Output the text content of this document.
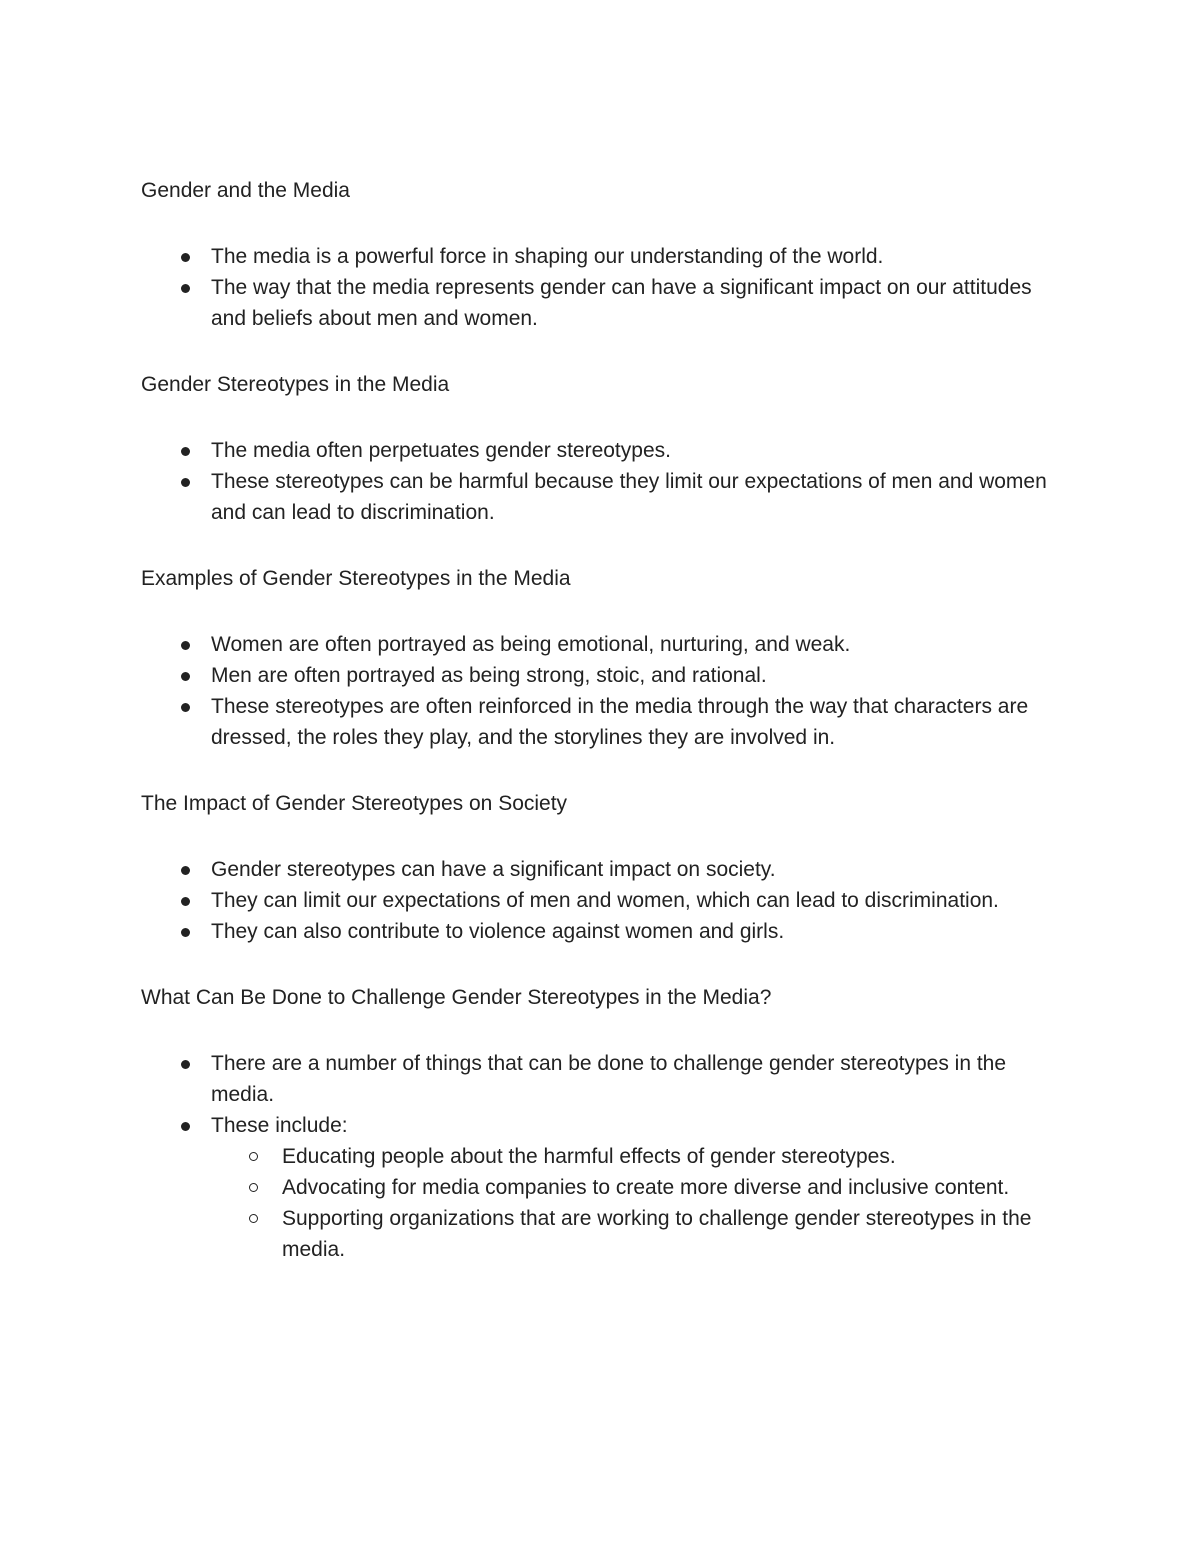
Gender and the Media

The media is a powerful force in shaping our understanding of the world.
The way that the media represents gender can have a significant impact on our attitudes and beliefs about men and women.

Gender Stereotypes in the Media

The media often perpetuates gender stereotypes.
These stereotypes can be harmful because they limit our expectations of men and women and can lead to discrimination.

Examples of Gender Stereotypes in the Media

Women are often portrayed as being emotional, nurturing, and weak.
Men are often portrayed as being strong, stoic, and rational.
These stereotypes are often reinforced in the media through the way that characters are dressed, the roles they play, and the storylines they are involved in.

The Impact of Gender Stereotypes on Society

Gender stereotypes can have a significant impact on society.
They can limit our expectations of men and women, which can lead to discrimination.
They can also contribute to violence against women and girls.

What Can Be Done to Challenge Gender Stereotypes in the Media?

There are a number of things that can be done to challenge gender stereotypes in the media.
These include:
Educating people about the harmful effects of gender stereotypes.
Advocating for media companies to create more diverse and inclusive content.
Supporting organizations that are working to challenge gender stereotypes in the media.
